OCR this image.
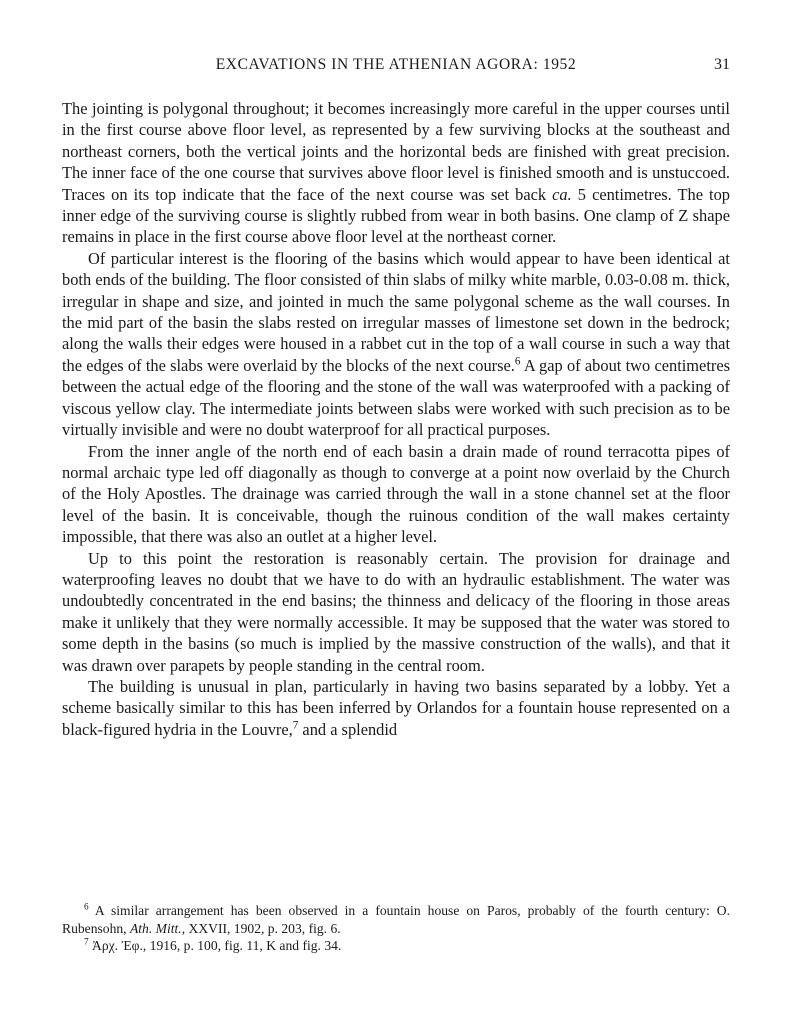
EXCAVATIONS IN THE ATHENIAN AGORA: 1952	31

The jointing is polygonal throughout; it becomes increasingly more careful in the upper courses until in the first course above floor level, as represented by a few surviving blocks at the southeast and northeast corners, both the vertical joints and the horizontal beds are finished with great precision. The inner face of the one course that survives above floor level is finished smooth and is unstuccoed. Traces on its top indicate that the face of the next course was set back ca. 5 centimetres. The top inner edge of the surviving course is slightly rubbed from wear in both basins. One clamp of Z shape remains in place in the first course above floor level at the northeast corner.

Of particular interest is the flooring of the basins which would appear to have been identical at both ends of the building. The floor consisted of thin slabs of milky white marble, 0.03-0.08 m. thick, irregular in shape and size, and jointed in much the same polygonal scheme as the wall courses. In the mid part of the basin the slabs rested on irregular masses of limestone set down in the bedrock; along the walls their edges were housed in a rabbet cut in the top of a wall course in such a way that the edges of the slabs were overlaid by the blocks of the next course.$^6$ A gap of about two centimetres between the actual edge of the flooring and the stone of the wall was waterproofed with a packing of viscous yellow clay. The intermediate joints between slabs were worked with such precision as to be virtually invisible and were no doubt waterproof for all practical purposes.

From the inner angle of the north end of each basin a drain made of round terracotta pipes of normal archaic type led off diagonally as though to converge at a point now overlaid by the Church of the Holy Apostles. The drainage was carried through the wall in a stone channel set at the floor level of the basin. It is conceivable, though the ruinous condition of the wall makes certainty impossible, that there was also an outlet at a higher level.

Up to this point the restoration is reasonably certain. The provision for drainage and waterproofing leaves no doubt that we have to do with an hydraulic establishment. The water was undoubtedly concentrated in the end basins; the thinness and delicacy of the flooring in those areas make it unlikely that they were normally accessible. It may be supposed that the water was stored to some depth in the basins (so much is implied by the massive construction of the walls), and that it was drawn over parapets by people standing in the central room.

The building is unusual in plan, particularly in having two basins separated by a lobby. Yet a scheme basically similar to this has been inferred by Orlandos for a fountain house represented on a black-figured hydria in the Louvre,$^7$ and a splendid

$^6$ A similar arrangement has been observed in a fountain house on Paros, probably of the fourth century: O. Rubensohn, Ath. Mitt., XXVII, 1902, p. 203, fig. 6.

$^7$ Ἀρχ. Ἐφ., 1916, p. 100, fig. 11, K and fig. 34.
